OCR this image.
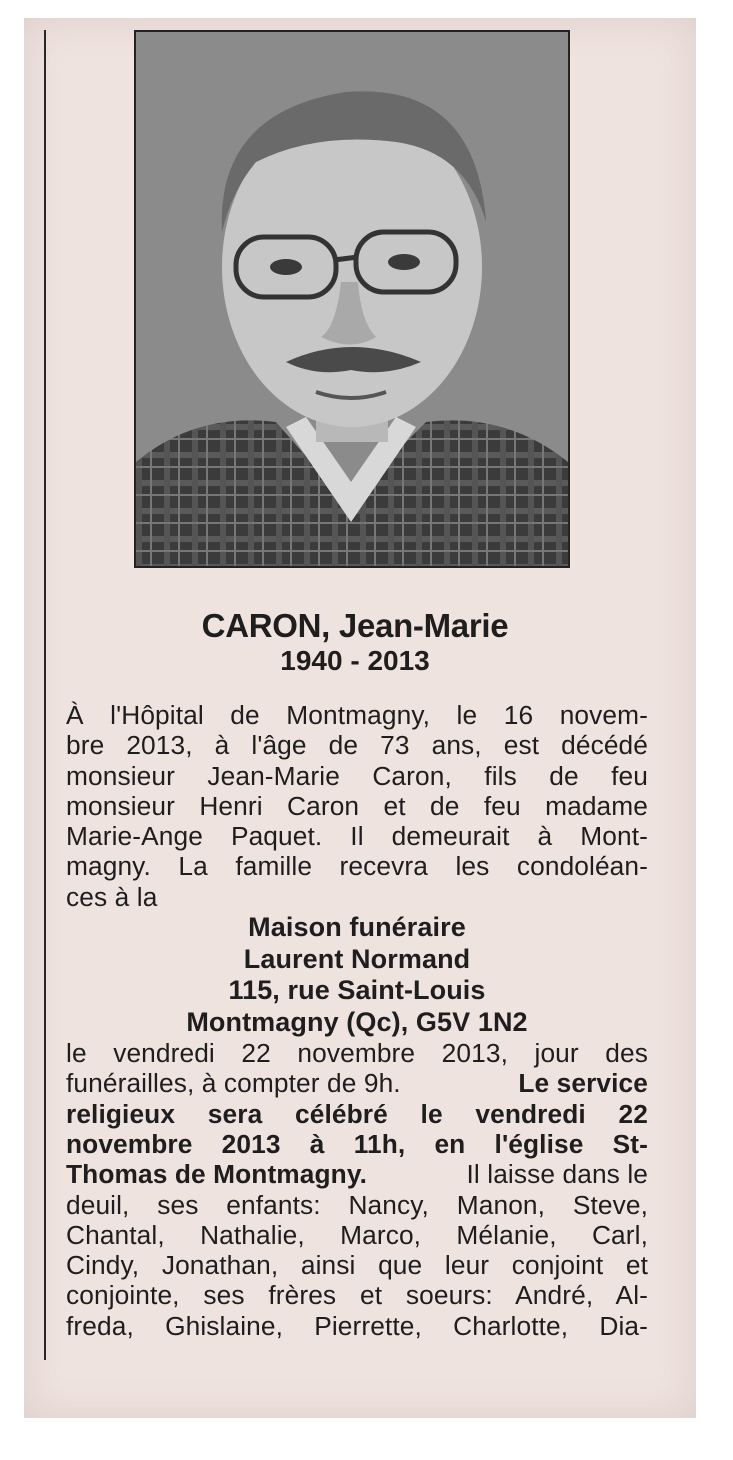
CARON, Jean-Marie
1940 - 2013
À l'Hôpital de Montmagny, le 16 novem-
bre 2013, à l'âge de 73 ans, est décédé
monsieur Jean-Marie Caron, fils de feu
monsieur Henri Caron et de feu madame
Marie-Ange Paquet. Il demeurait à Mont-
magny. La famille recevra les condoléan-
ces à la
Maison funéraire
Laurent Normand
115, rue Saint-Louis
Montmagny (Qc), G5V 1N2
le vendredi 22 novembre 2013, jour des
funérailles, à compter de 9h.	Le service
religieux sera célébré le vendredi 22
novembre 2013 à 11h, en l'église St-
Thomas de Montmagny.	Il laisse dans le
deuil, ses enfants: Nancy, Manon, Steve,
Chantal, Nathalie, Marco, Mélanie, Carl,
Cindy, Jonathan, ainsi que leur conjoint et
conjointe, ses frères et soeurs: André, Al-
freda, Ghislaine, Pierrette, Charlotte, Dia-
